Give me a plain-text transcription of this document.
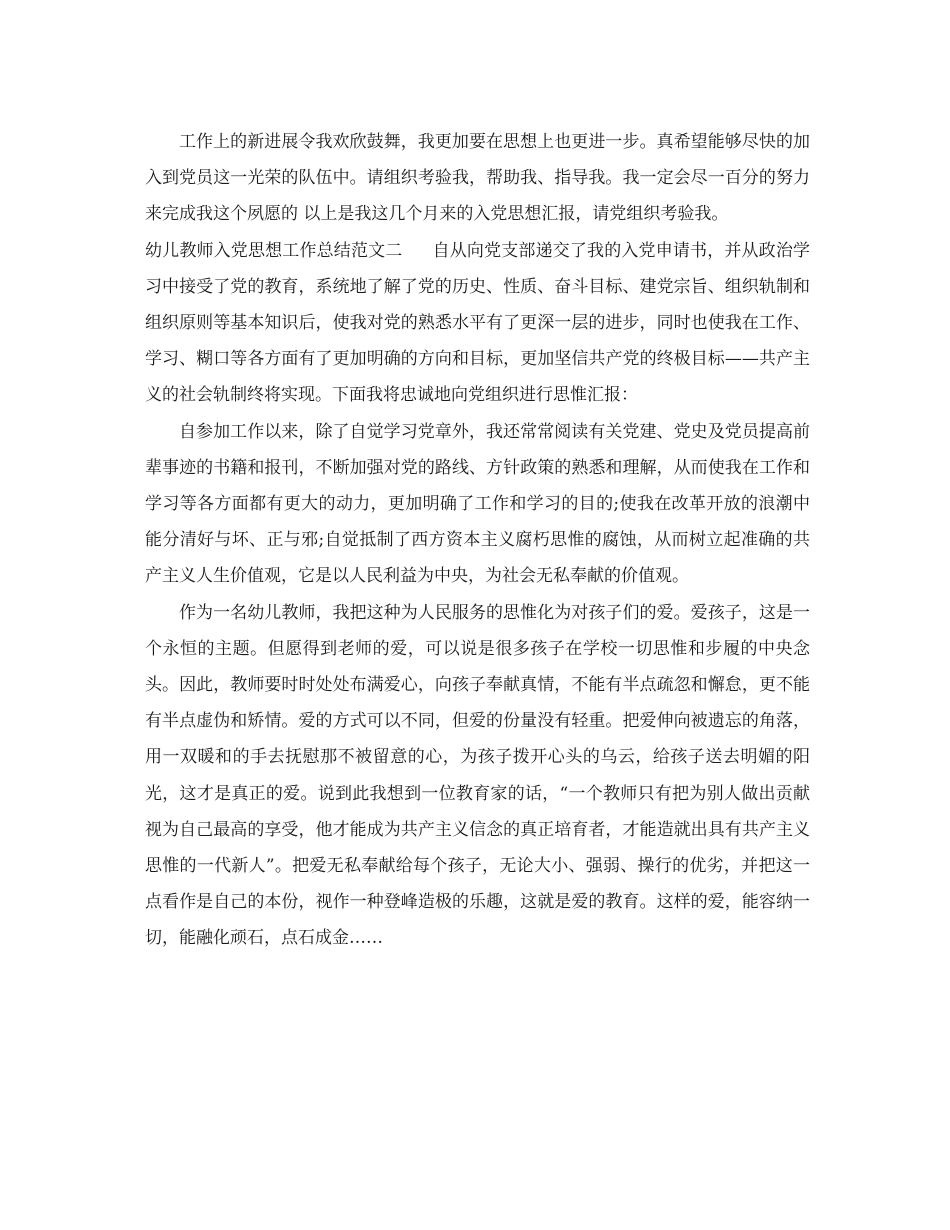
工作上的新进展令我欢欣鼓舞，我更加要在思想上也更进一步。真希望能够尽快的加入到党员这一光荣的队伍中。请组织考验我，帮助我、指导我。我一定会尽一百分的努力来完成我这个夙愿的 以上是我这几个月来的入党思想汇报，请党组织考验我。

幼儿教师入党思想工作总结范文二 自从向党支部递交了我的入党申请书，并从政治学习中接受了党的教育，系统地了解了党的历史、性质、奋斗目标、建党宗旨、组织轨制和组织原则等基本知识后，使我对党的熟悉水平有了更深一层的进步，同时也使我在工作、学习、糊口等各方面有了更加明确的方向和目标，更加坚信共产党的终极目标——共产主义的社会轨制终将实现。下面我将忠诚地向党组织进行思惟汇报：

自参加工作以来，除了自觉学习党章外，我还常常阅读有关党建、党史及党员提高前辈事迹的书籍和报刊，不断加强对党的路线、方针政策的熟悉和理解，从而使我在工作和学习等各方面都有更大的动力，更加明确了工作和学习的目的;使我在改革开放的浪潮中能分清好与坏、正与邪;自觉抵制了西方资本主义腐朽思惟的腐蚀，从而树立起准确的共产主义人生价值观，它是以人民利益为中央，为社会无私奉献的价值观。

作为一名幼儿教师，我把这种为人民服务的思惟化为对孩子们的爱。爱孩子，这是一个永恒的主题。但愿得到老师的爱，可以说是很多孩子在学校一切思惟和步履的中央念头。因此，教师要时时处处布满爱心，向孩子奉献真情，不能有半点疏忽和懈怠，更不能有半点虚伪和矫情。爱的方式可以不同，但爱的份量没有轻重。把爱伸向被遗忘的角落，用一双暖和的手去抚慰那不被留意的心，为孩子拨开心头的乌云，给孩子送去明媚的阳光，这才是真正的爱。说到此我想到一位教育家的话，“一个教师只有把为别人做出贡献视为自己最高的享受，他才能成为共产主义信念的真正培育者，才能造就出具有共产主义思惟的一代新人”。把爱无私奉献给每个孩子，无论大小、强弱、操行的优劣，并把这一点看作是自己的本份，视作一种登峰造极的乐趣，这就是爱的教育。这样的爱，能容纳一切，能融化顽石，点石成金……
